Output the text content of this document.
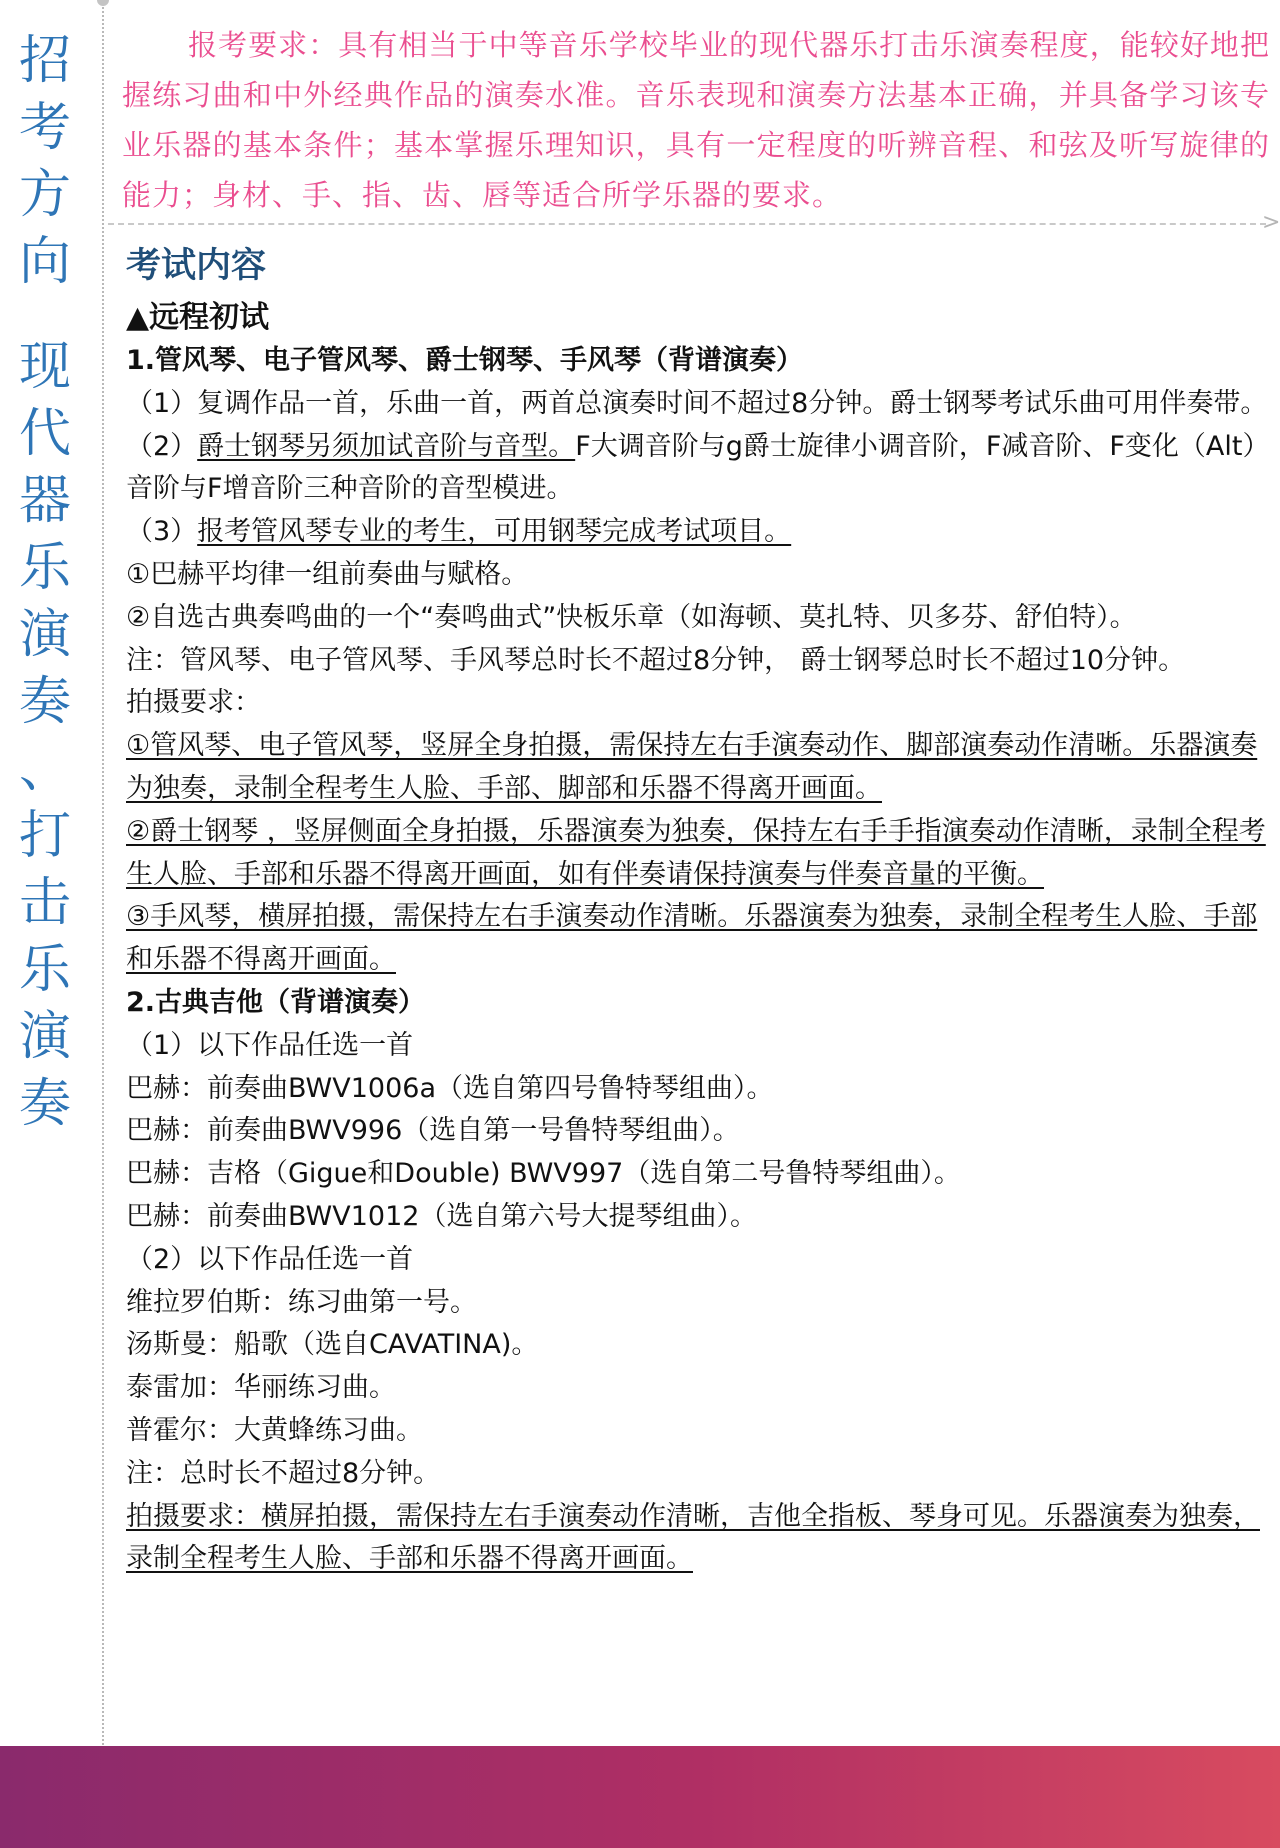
招
考
方
向
现
代
器
乐
演
奏
、
打
击
乐
演
奏
报考要求：具有相当于中等音乐学校毕业的现代器乐打击乐演奏程度，能较好地把握练习曲和中外经典作品的演奏水准。音乐表现和演奏方法基本正确，并具备学习该专业乐器的基本条件；基本掌握乐理知识，具有一定程度的听辨音程、和弦及听写旋律的能力；身材、手、指、齿、唇等适合所学乐器的要求。
>

考试内容

▲远程初试

1.管风琴、电子管风琴、爵士钢琴、手风琴（背谱演奏）

（1）复调作品一首，乐曲一首，两首总演奏时间不超过8分钟。爵士钢琴考试乐曲可用伴奏带。

（2）爵士钢琴另须加试音阶与音型。F大调音阶与g爵士旋律小调音阶，F减音阶、F变化（Alt）音阶与F增音阶三种音阶的音型模进。

（3）报考管风琴专业的考生，可用钢琴完成考试项目。

①巴赫平均律一组前奏曲与赋格。

②自选古典奏鸣曲的一个“奏鸣曲式”快板乐章（如海顿、莫扎特、贝多芬、舒伯特）。

注：管风琴、电子管风琴、手风琴总时长不超过8分钟， 爵士钢琴总时长不超过10分钟。

拍摄要求：

①管风琴、电子管风琴，竖屏全身拍摄，需保持左右手演奏动作、脚部演奏动作清晰。乐器演奏为独奏，录制全程考生人脸、手部、脚部和乐器不得离开画面。

②爵士钢琴 ，竖屏侧面全身拍摄，乐器演奏为独奏，保持左右手手指演奏动作清晰，录制全程考生人脸、手部和乐器不得离开画面，如有伴奏请保持演奏与伴奏音量的平衡。

③手风琴，横屏拍摄，需保持左右手演奏动作清晰。乐器演奏为独奏，录制全程考生人脸、手部和乐器不得离开画面。

2.古典吉他（背谱演奏）

（1）以下作品任选一首

巴赫：前奏曲BWV1006a（选自第四号鲁特琴组曲）。

巴赫：前奏曲BWV996（选自第一号鲁特琴组曲）。

巴赫：吉格（Gigue和Double) BWV997（选自第二号鲁特琴组曲）。

巴赫：前奏曲BWV1012（选自第六号大提琴组曲）。

（2）以下作品任选一首

维拉罗伯斯：练习曲第一号。

汤斯曼：船歌（选自CAVATINA)。

泰雷加：华丽练习曲。

普霍尔：大黄蜂练习曲。

注：总时长不超过8分钟。

拍摄要求：横屏拍摄，需保持左右手演奏动作清晰，吉他全指板、琴身可见。乐器演奏为独奏，录制全程考生人脸、手部和乐器不得离开画面。
